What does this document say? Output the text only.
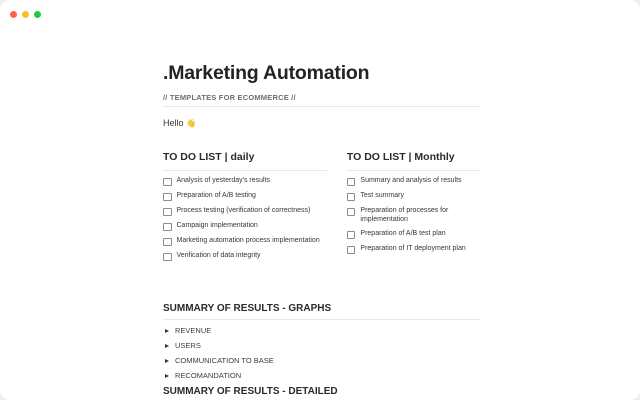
.Marketing Automation
// TEMPLATES FOR ECOMMERCE //
Hello 👋
TO DO LIST | daily
Analysis of yesterday's results
Preparation of A/B testing
Process testing (verification of correctness)
Campaign implementation
Marketing automation process implementation
Verification of data integrity
TO DO LIST | Monthly
Summary and analysis of results
Test summary
Preparation of processes for implementation
Preparation of A/B test plan
Preparation of IT deployment plan
SUMMARY OF RESULTS - GRAPHS
REVENUE
USERS
COMMUNICATION TO BASE
RECOMANDATION
SUMMARY OF RESULTS - DETAILED
